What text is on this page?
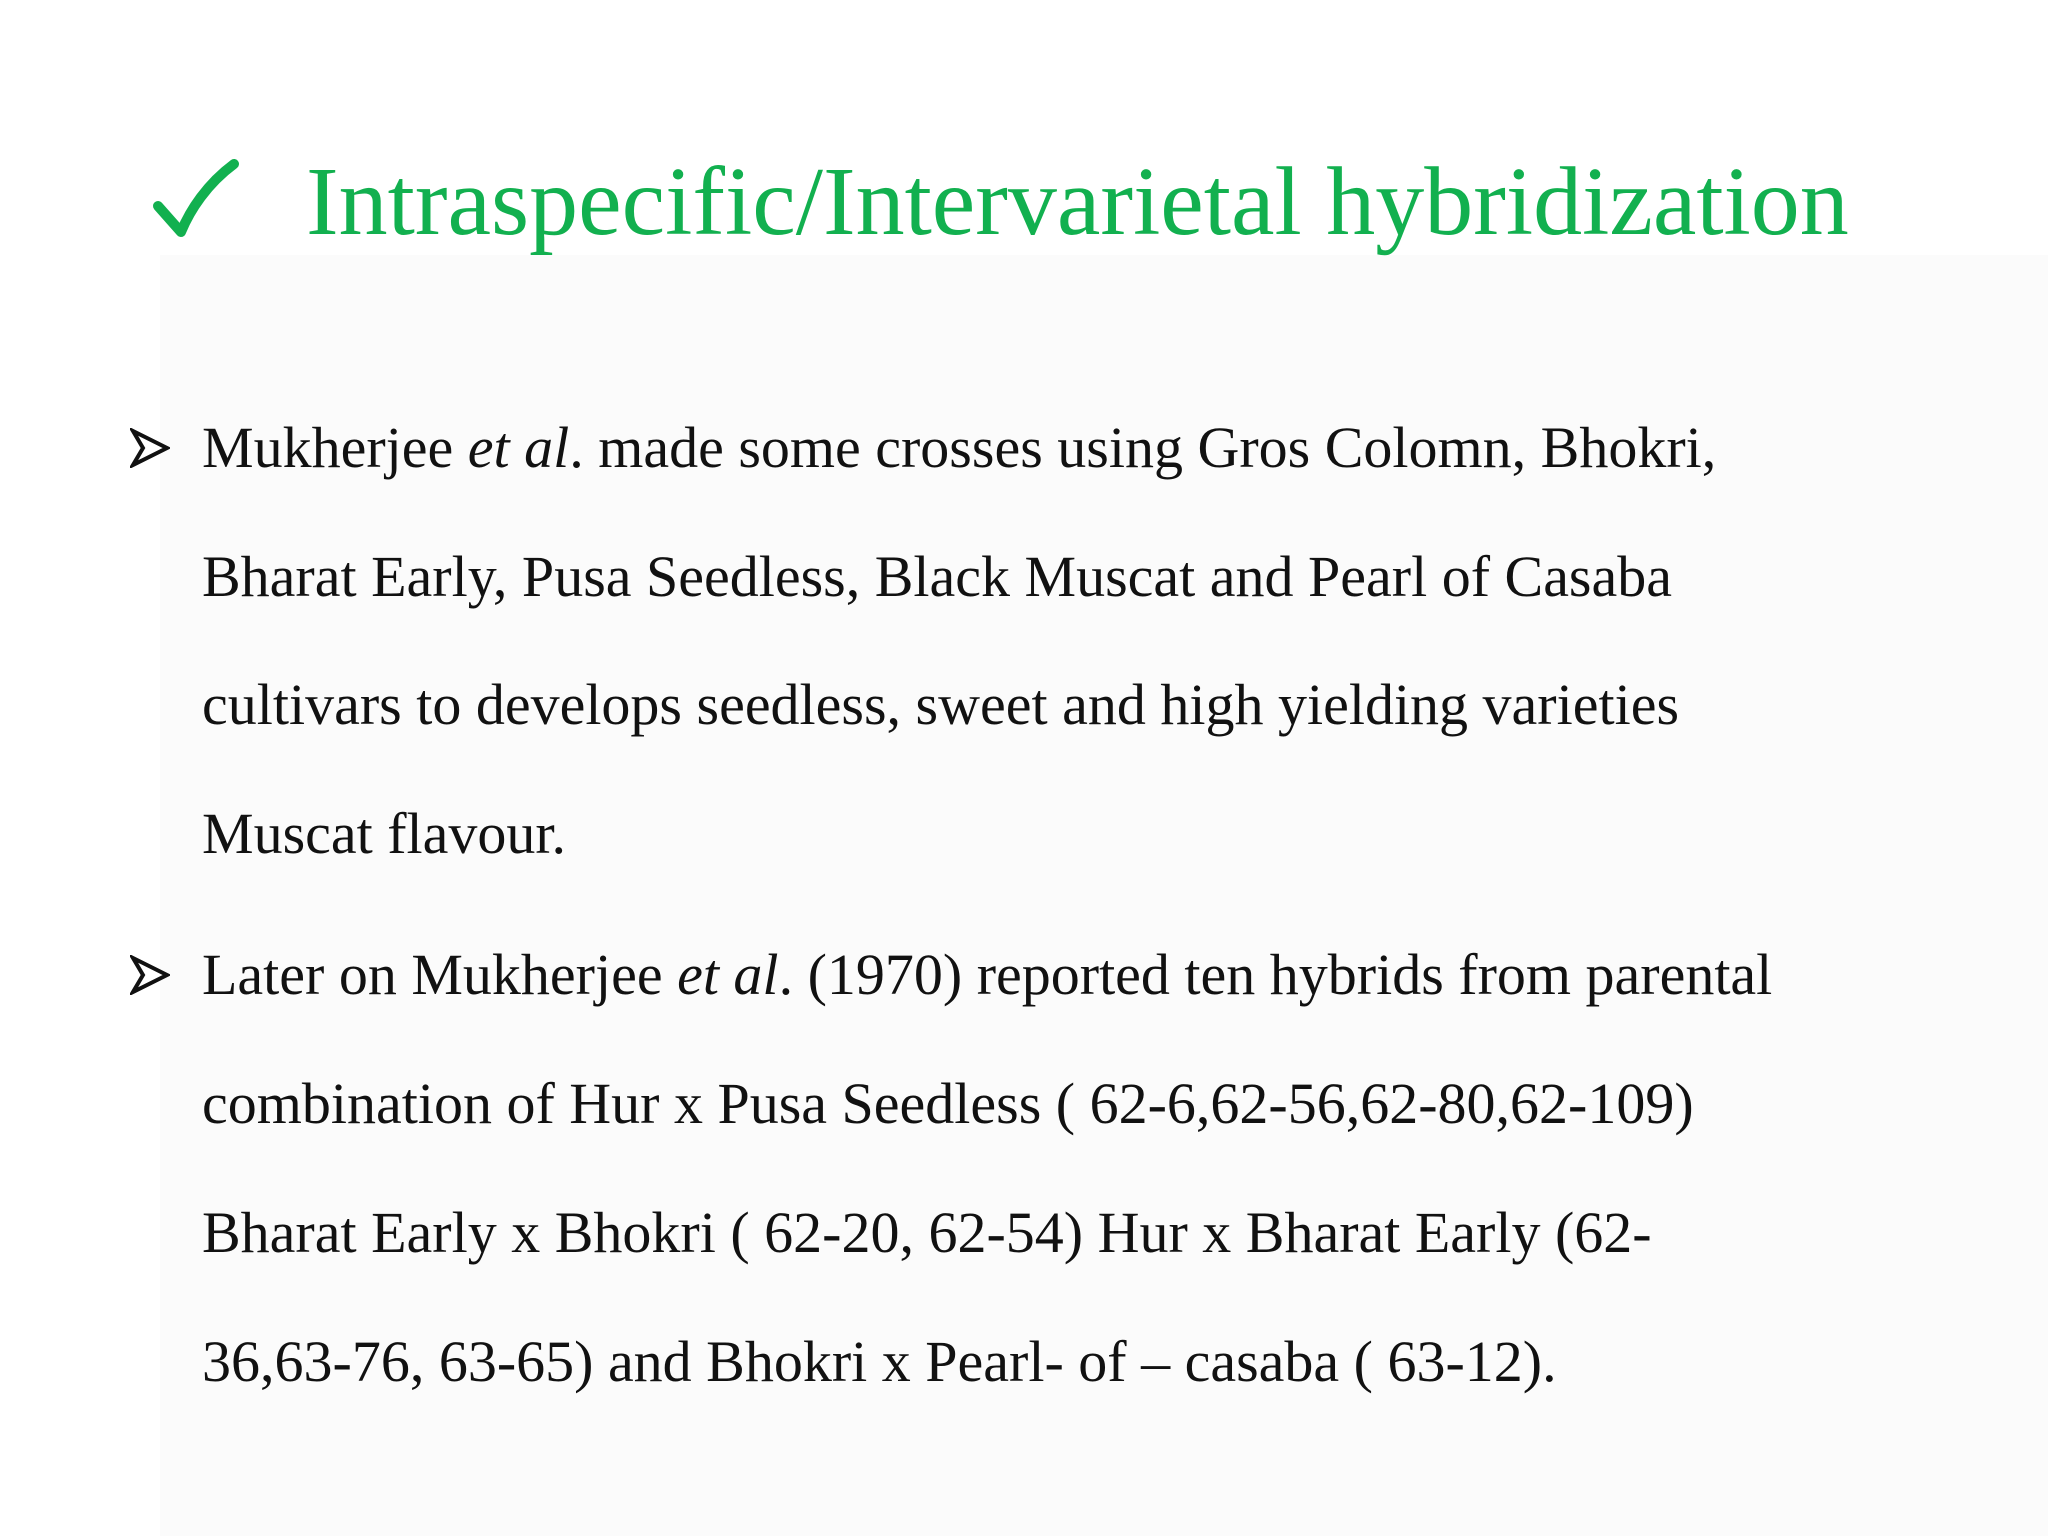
Intraspecific/Intervarietal hybridization
Mukherjee et al. made some crosses using Gros Colomn, Bhokri,
Bharat Early, Pusa Seedless, Black Muscat and Pearl of Casaba
cultivars to develops seedless, sweet and high yielding varieties
Muscat flavour.
Later on Mukherjee et al. (1970) reported ten hybrids from parental
combination of Hur x Pusa Seedless ( 62-6,62-56,62-80,62-109)
Bharat Early x Bhokri ( 62-20, 62-54) Hur x Bharat Early (62-
36,63-76, 63-65) and Bhokri x Pearl- of – casaba ( 63-12).
